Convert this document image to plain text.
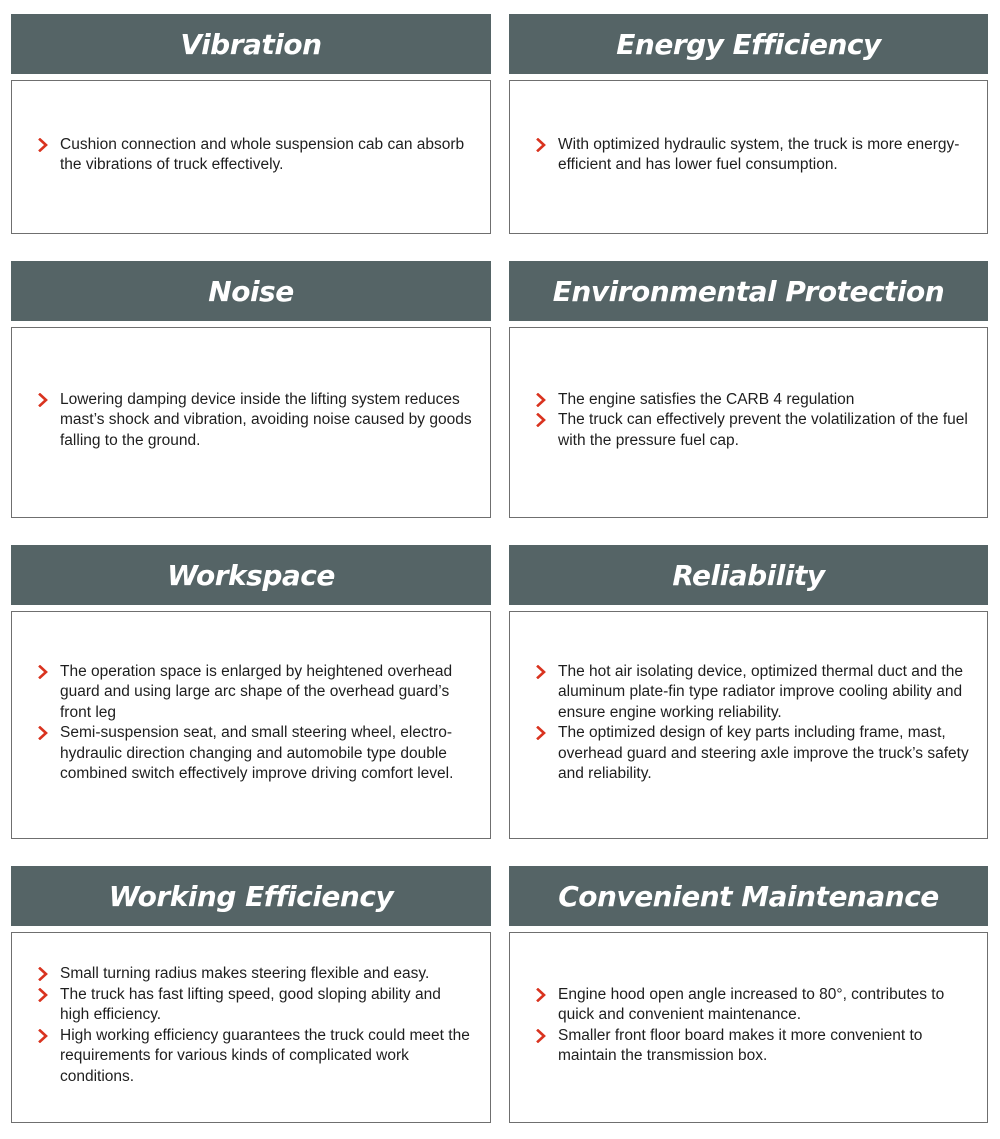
Vibration
Cushion connection and whole suspension cab can absorb the vibrations of truck effectively.
Energy Efficiency
With optimized hydraulic system, the truck is more energy-efficient and has lower fuel consumption.
Noise
Lowering damping device inside the lifting system reduces mast’s shock and vibration, avoiding noise caused by goods falling to the ground.
Environmental Protection
The engine satisfies the CARB 4 regulation
The truck can effectively prevent the volatilization of the fuel with the pressure fuel cap.
Workspace
The operation space is enlarged by heightened overhead guard and using large arc shape of the overhead guard’s front leg
Semi-suspension seat, and small steering wheel, electro-hydraulic direction changing and automobile type double combined switch effectively improve driving comfort level.
Reliability
The hot air isolating device, optimized thermal duct and the aluminum plate-fin type radiator improve cooling ability and ensure engine working reliability.
The optimized design of key parts including frame, mast, overhead guard and steering axle improve the truck’s safety and reliability.
Working Efficiency
Small turning radius makes steering flexible and easy.
The truck has fast lifting speed, good sloping ability and high efficiency.
High working efficiency guarantees the truck could meet the requirements for various kinds of complicated work conditions.
Convenient Maintenance
Engine hood open angle increased to 80°, contributes to quick and convenient maintenance.
Smaller front floor board makes it more convenient to maintain the transmission box.
